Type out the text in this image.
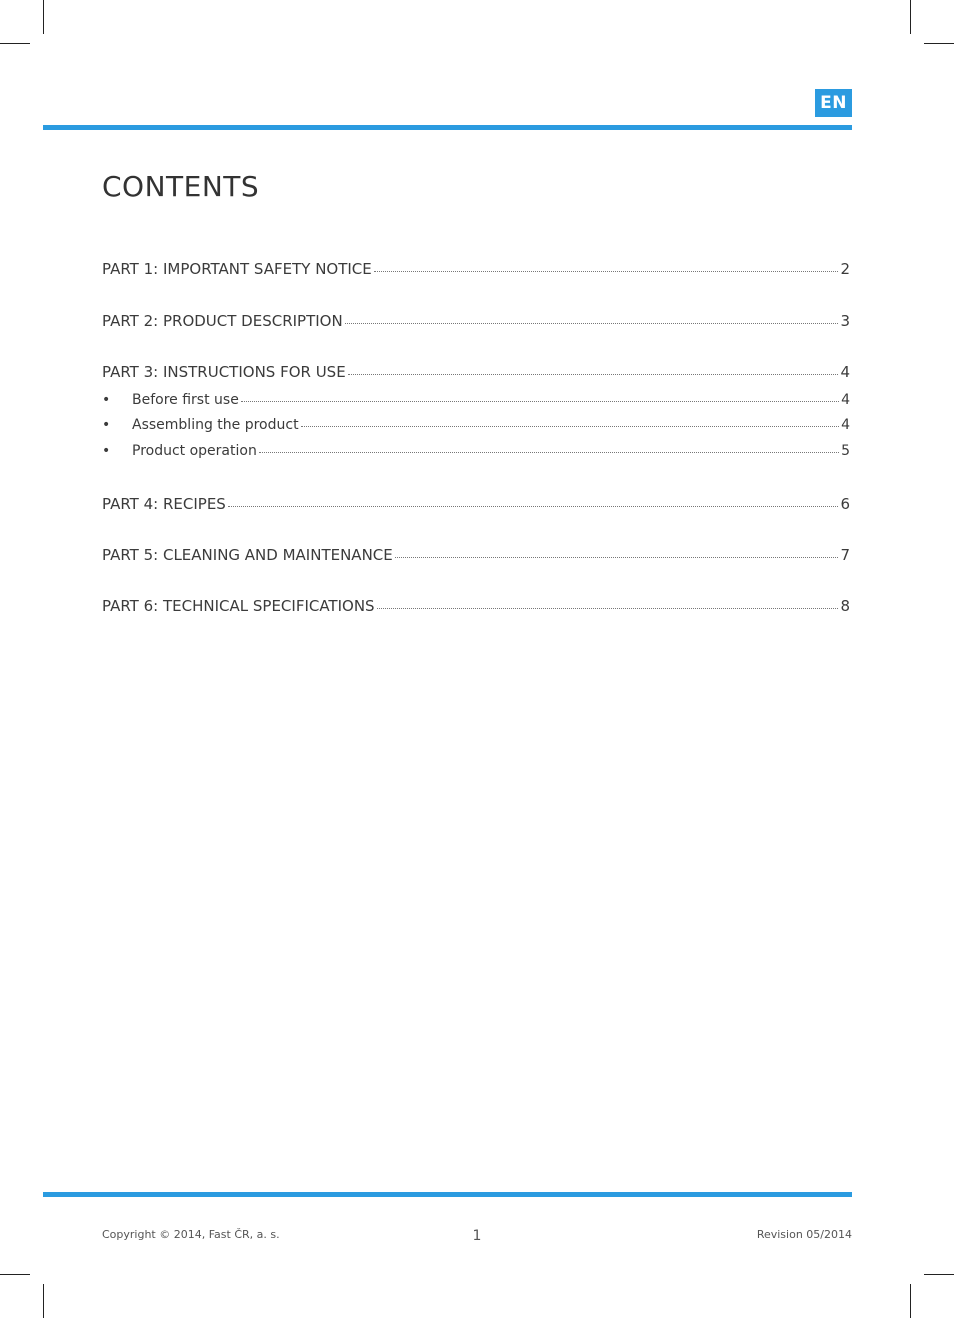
EN
CONTENTS
PART 1: IMPORTANT SAFETY NOTICE	2
PART 2: PRODUCT DESCRIPTION	3
PART 3: INSTRUCTIONS FOR USE	4
•	Before first use	4
•	Assembling the product	4
•	Product operation	5
PART 4: RECIPES	6
PART 5: CLEANING AND MAINTENANCE	7
PART 6: TECHNICAL SPECIFICATIONS	8
Copyright © 2014, Fast ČR, a. s.	1	Revision 05/2014
